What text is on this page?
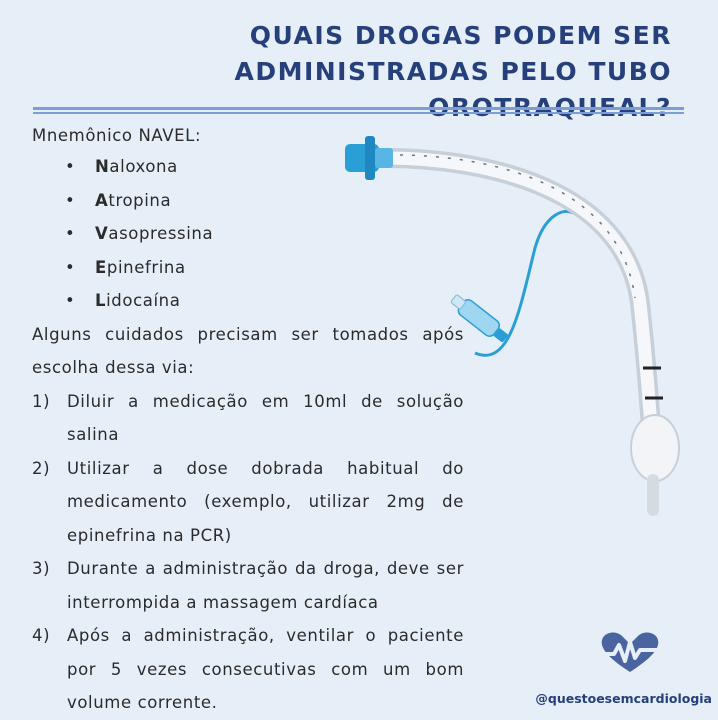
QUAIS DROGAS PODEM SER
ADMINISTRADAS PELO TUBO
Mnemônico NAVEL:
• Naloxona
• Atropina
• Vasopressina
• Epinefrina
• Lidocaína
Alguns cuidados precisam ser tomados após
escolha dessa via:
1) Diluir a medicação em 10ml de solução salina
2) Utilizar a dose dobrada habitual do medicamento (exemplo, utilizar 2mg de epinefrina na PCR)
3) Durante a administração da droga, deve ser interrompida a massagem cardíaca
4) Após a administração, ventilar o paciente por 5 vezes consecutivas com um bom volume corrente.	@questoesemcardiologia
